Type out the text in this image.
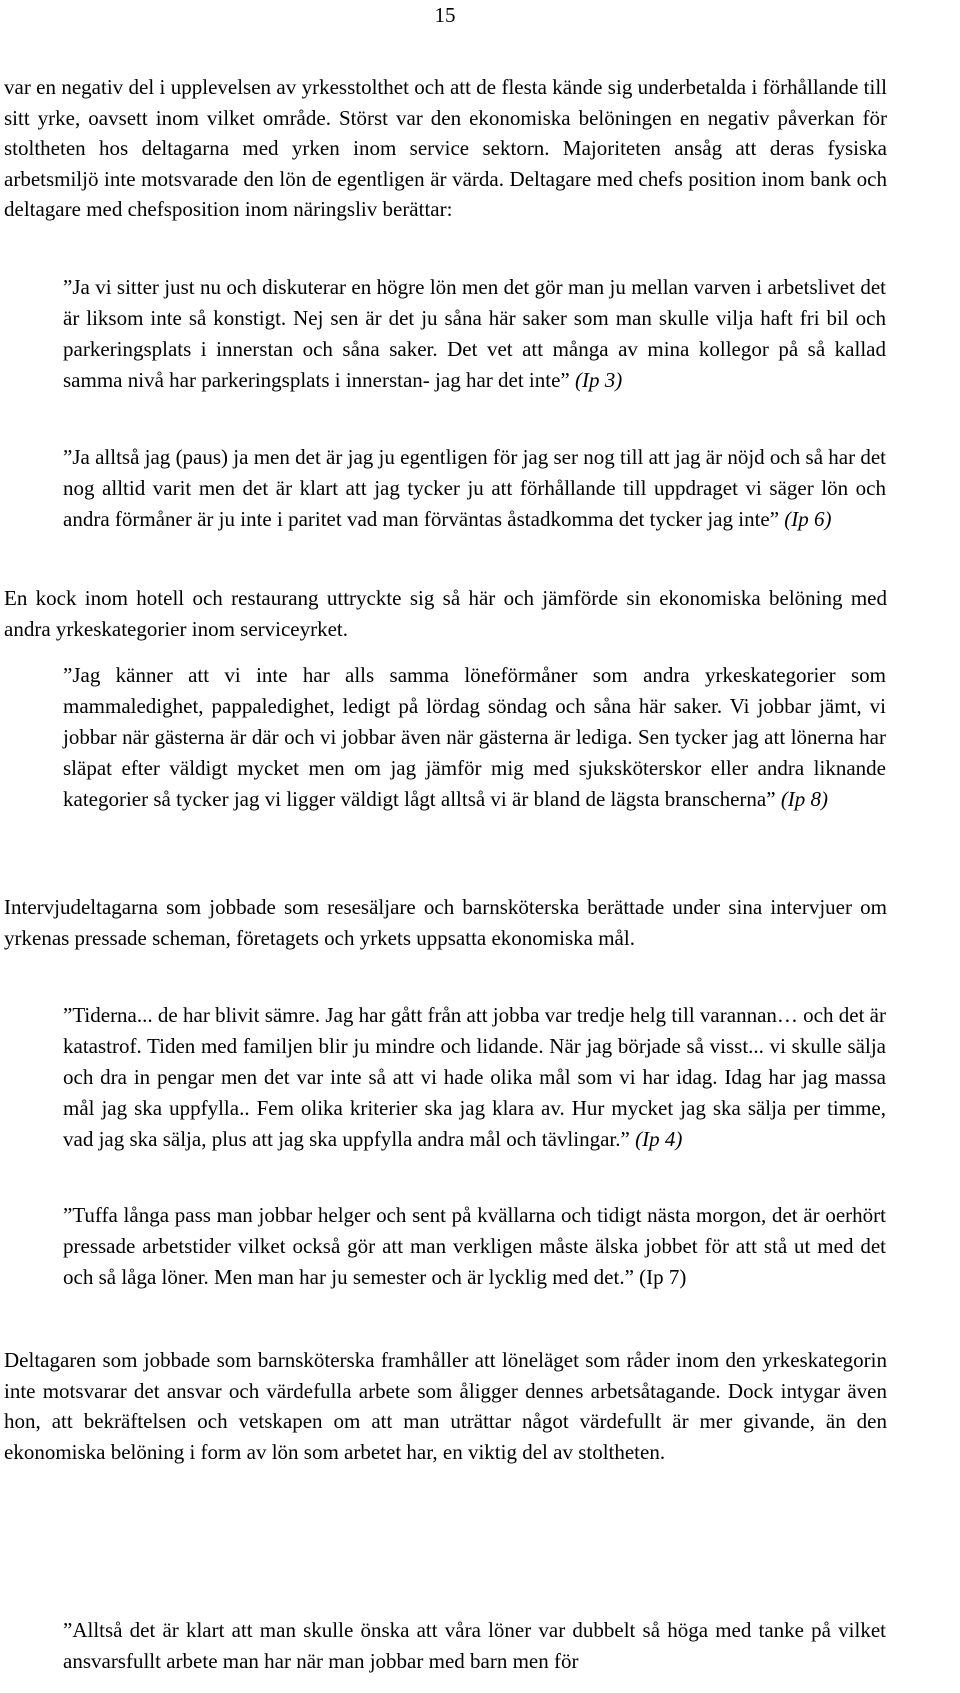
15

var en negativ del i upplevelsen av yrkesstolthet och att de flesta kände sig underbetalda i förhållande till sitt yrke, oavsett inom vilket område. Störst var den ekonomiska belöningen en negativ påverkan för stoltheten hos deltagarna med yrken inom service sektorn. Majoriteten ansåg att deras fysiska arbetsmiljö inte motsvarade den lön de egentligen är värda. Deltagare med chefs position inom bank och deltagare med chefsposition inom näringsliv berättar:

”Ja vi sitter just nu och diskuterar en högre lön men det gör man ju mellan varven i arbetslivet det är liksom inte så konstigt. Nej sen är det ju såna här saker som man skulle vilja haft fri bil och parkeringsplats i innerstan och såna saker. Det vet att många av mina kollegor på så kallad samma nivå har parkeringsplats i innerstan- jag har det inte” (Ip 3)

”Ja alltså jag (paus) ja men det är jag ju egentligen för jag ser nog till att jag är nöjd och så har det nog alltid varit men det är klart att jag tycker ju att förhållande till uppdraget vi säger lön och andra förmåner är ju inte i paritet vad man förväntas åstadkomma det tycker jag inte” (Ip 6)

En kock inom hotell och restaurang uttryckte sig så här och jämförde sin ekonomiska belöning med andra yrkeskategorier inom serviceyrket.

”Jag känner att vi inte har alls samma löneförmåner som andra yrkeskategorier som mammaledighet, pappaledighet, ledigt på lördag söndag och såna här saker. Vi jobbar jämt, vi jobbar när gästerna är där och vi jobbar även när gästerna är lediga. Sen tycker jag att lönerna har släpat efter väldigt mycket men om jag jämför mig med sjuksköterskor eller andra liknande kategorier så tycker jag vi ligger väldigt lågt alltså vi är bland de lägsta branscherna” (Ip 8)

Intervjudeltagarna som jobbade som resesäljare och barnsköterska berättade under sina intervjuer om yrkenas pressade scheman, företagets och yrkets uppsatta ekonomiska mål.

”Tiderna... de har blivit sämre. Jag har gått från att jobba var tredje helg till varannan… och det är katastrof. Tiden med familjen blir ju mindre och lidande. När jag började så visst... vi skulle sälja och dra in pengar men det var inte så att vi hade olika mål som vi har idag. Idag har jag massa mål jag ska uppfylla.. Fem olika kriterier ska jag klara av. Hur mycket jag ska sälja per timme, vad jag ska sälja, plus att jag ska uppfylla andra mål och tävlingar.” (Ip 4)

”Tuffa långa pass man jobbar helger och sent på kvällarna och tidigt nästa morgon, det är oerhört pressade arbetstider vilket också gör att man verkligen måste älska jobbet för att stå ut med det och så låga löner. Men man har ju semester och är lycklig med det.” (Ip 7)

Deltagaren som jobbade som barnsköterska framhåller att löneläget som råder inom den yrkeskategorin inte motsvarar det ansvar och värdefulla arbete som åligger dennes arbetsåtagande. Dock intygar även hon, att bekräftelsen och vetskapen om att man uträttar något värdefullt är mer givande, än den ekonomiska belöning i form av lön som arbetet har, en viktig del av stoltheten.

”Alltså det är klart att man skulle önska att våra löner var dubbelt så höga med tanke på vilket ansvarsfullt arbete man har när man jobbar med barn men för
